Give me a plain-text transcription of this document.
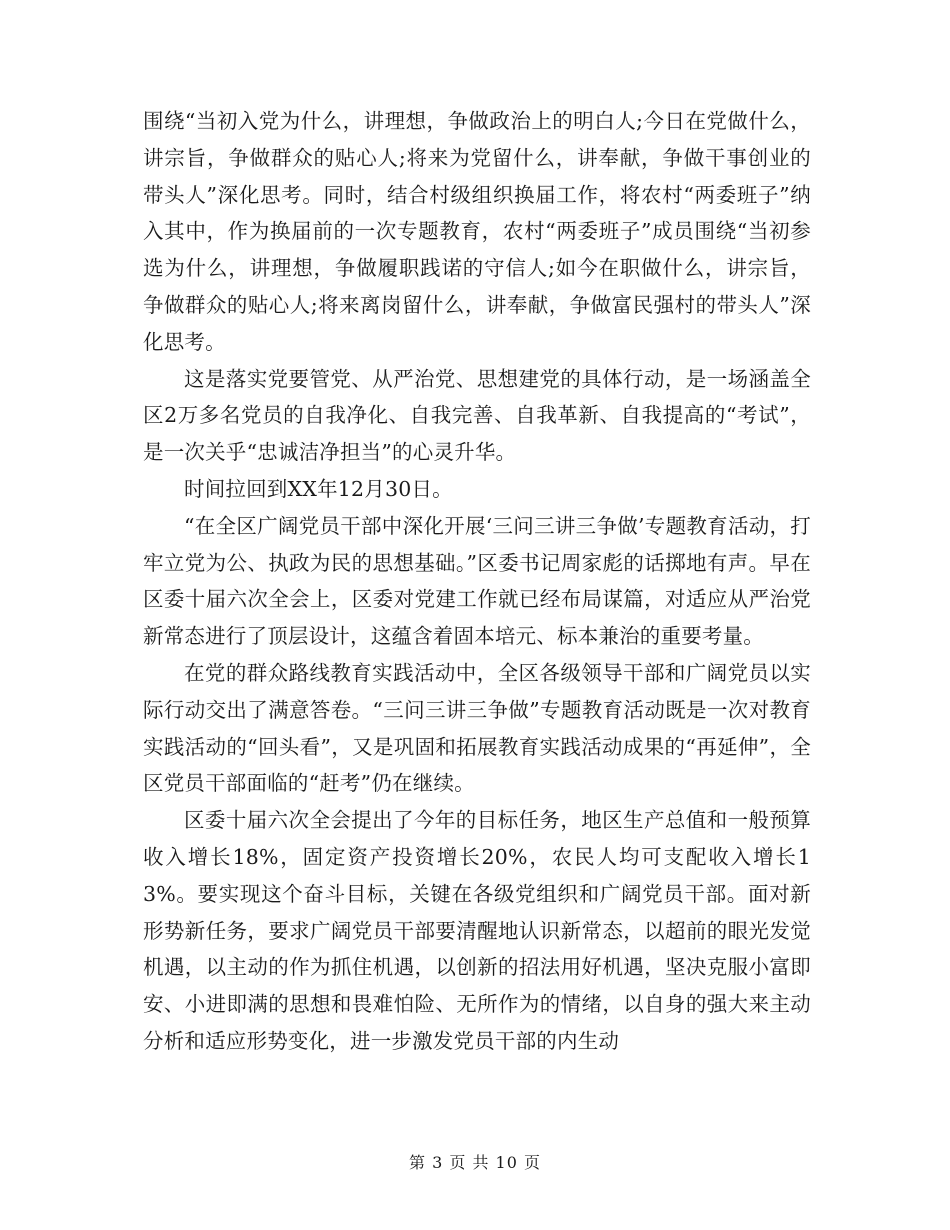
围绕“当初入党为什么，讲理想，争做政治上的明白人;今日在党做什么，讲宗旨，争做群众的贴心人;将来为党留什么，讲奉献，争做干事创业的带头人”深化思考。同时，结合村级组织换届工作，将农村“两委班子”纳入其中，作为换届前的一次专题教育，农村“两委班子”成员围绕“当初参选为什么，讲理想，争做履职践诺的守信人;如今在职做什么，讲宗旨，争做群众的贴心人;将来离岗留什么，讲奉献，争做富民强村的带头人”深化思考。

这是落实党要管党、从严治党、思想建党的具体行动，是一场涵盖全区2万多名党员的自我净化、自我完善、自我革新、自我提高的“考试”，是一次关乎“忠诚洁净担当”的心灵升华。

时间拉回到XX年12月30日。

“在全区广阔党员干部中深化开展‘三问三讲三争做’专题教育活动，打牢立党为公、执政为民的思想基础。”区委书记周家彪的话掷地有声。早在区委十届六次全会上，区委对党建工作就已经布局谋篇，对适应从严治党新常态进行了顶层设计，这蕴含着固本培元、标本兼治的重要考量。

在党的群众路线教育实践活动中，全区各级领导干部和广阔党员以实际行动交出了满意答卷。“三问三讲三争做”专题教育活动既是一次对教育实践活动的“回头看”，又是巩固和拓展教育实践活动成果的“再延伸”，全区党员干部面临的“赶考”仍在继续。

区委十届六次全会提出了今年的目标任务，地区生产总值和一般预算收入增长18%，固定资产投资增长20%，农民人均可支配收入增长13%。要实现这个奋斗目标，关键在各级党组织和广阔党员干部。面对新形势新任务，要求广阔党员干部要清醒地认识新常态，以超前的眼光发觉机遇，以主动的作为抓住机遇，以创新的招法用好机遇，坚决克服小富即安、小进即满的思想和畏难怕险、无所作为的情绪，以自身的强大来主动分析和适应形势变化，进一步激发党员干部的内生动

第 3 页 共 10 页
